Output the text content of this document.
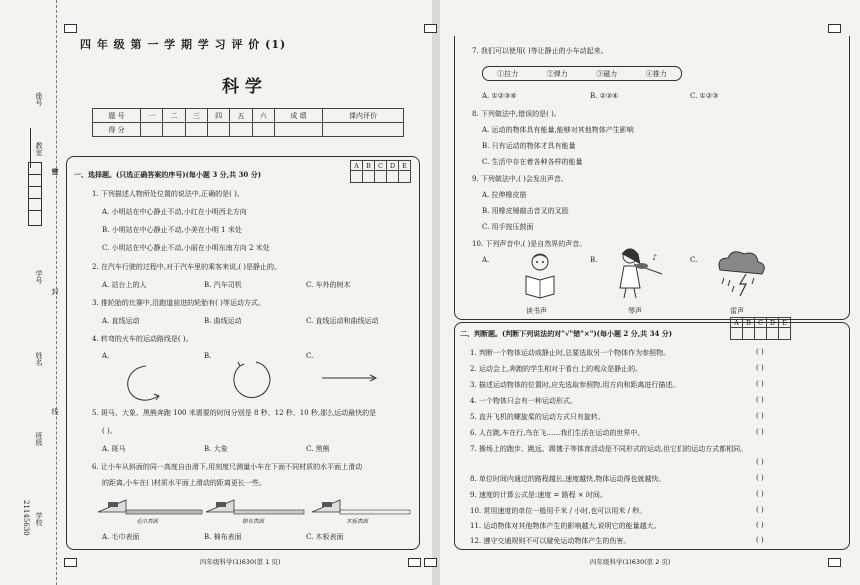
座号
教室
密
学号
封
姓名
线
班级
学校
21145630
四 年 级 第 一 学 期 学 习 评 价 (1)
科 学
题 号	一	二	三	四	五	六	成 绩	课内评价
得 分								
A	B	C	D	E

一、选择题。(只选正确答案的序号)(每小题 3 分,共 30 分)
1. 下列描述人物所处位置的说法中,正确的是( )。
A. 小明站在中心静止不动,小红在小明西北方向
B. 小明站在中心静止不动,小美在小明 1 米处
C. 小明站在中心静止不动,小丽在小明东南方向 2 米处
2. 在汽车行驶的过程中,对于汽车里的乘客来说,( )是静止的。
A. 站台上的人	B. 汽车司机	C. 车外的树木
3. 推轮胎的比赛中,沿跑道前进的轮胎有( )等运动方式。
A. 直线运动	B. 曲线运动	C. 直线运动和曲线运动
4. 转弯的火车的运动路线是( )。
A.	B.	C.
5. 斑马、大象、黑熊奔跑 100 米需要的时间分别是 8 秒、12 秒、10 秒,那么运动最快的是
( )。
A. 斑马	B. 大象	C. 黑熊
6. 让小车从斜面的同一高度自由滑下,用刻度尺测量小车在下面不同材质的水平面上滑动
的距离,小车在( )材质水平面上滑动的距离更长一些。
毛巾表面	棉布表面	木板表面
A. 毛巾表面	B. 棉布表面	C. 木板表面
四年级科学(1)630(第 1 页)
7. 我们可以使用( )等让静止的小车动起来。
①拉力	②弹力	③磁力	④推力
A. ①②③④	B. ②③④	C. ①②③
8. 下列做法中,错误的是( )。
A. 运动的物体具有能量,能够对其他物体产生影响
B. 只有运动的物体才具有能量
C. 生活中存在着各种各样的能量
9. 下列做法中,( )会发出声音。
A. 拉伸橡皮筋
B. 用橡皮锤敲击音叉的叉股
C. 用手按压鼓面
10. 下列声音中,( )是自然界的声音。
A.	B.	C.
读书声
♪
琴声	雷声
二、判断题。(判断下列说法的对"√"错"×")(每小题 2 分,共 34 分)
A	B	C	D	E

1. 判断一个物体运动或静止时,总要选取另一个物体作为参照物。	( )
2. 运动会上,奔跑的学生相对于看台上的观众是静止的。	( )
3. 描述运动物体的位置时,应先选取参照物,用方向和距离进行描述。	( )
4. 一个物体只会有一种运动形式。	( )
5. 直升飞机的螺旋桨的运动方式只有旋转。	( )
6. 人在跳,车在行,鸟在飞……我们生活在运动的世界中。	( )
7. 操场上的跑步、跳远、踢毽子等体育活动是不同形式的运动,但它们的运动方式都相同。
( )
8. 单位时间内通过的路程越长,速度越快,物体运动得也就越快。	( )
9. 速度的计算公式是:速度 = 路程 × 时间。	( )
10. 常用速度的单位一般用千米 / 小时,也可以用米 / 秒。	( )
11. 运动物体对其他物体产生的影响越大,说明它的能量越大。	( )
12. 遵守交通规则不可以避免运动物体产生的伤害。	( )
四年级科学(1)630(第 2 页)
